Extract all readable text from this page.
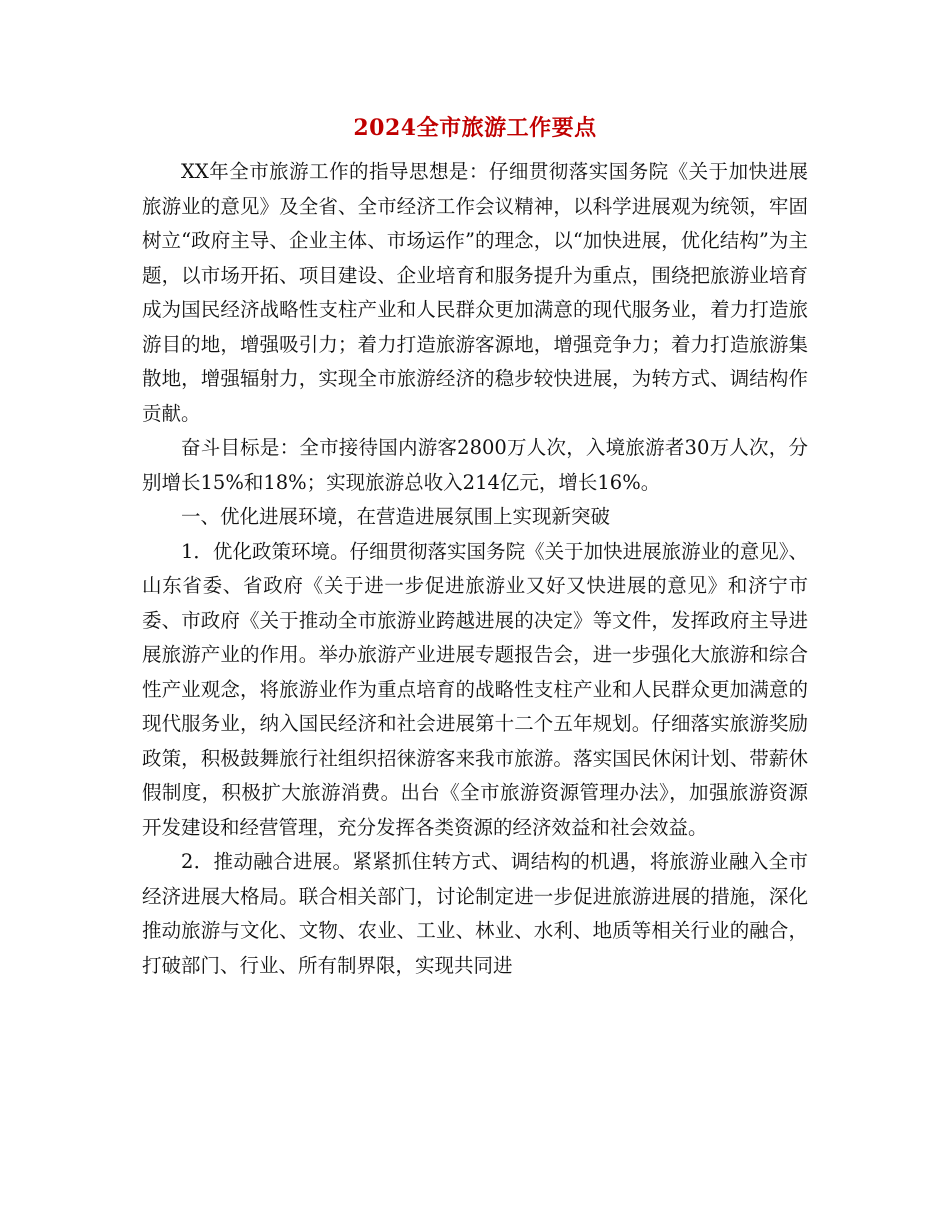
2024全市旅游工作要点

XX年全市旅游工作的指导思想是：仔细贯彻落实国务院《关于加快进展旅游业的意见》及全省、全市经济工作会议精神，以科学进展观为统领，牢固树立“政府主导、企业主体、市场运作”的理念，以“加快进展，优化结构”为主题，以市场开拓、项目建设、企业培育和服务提升为重点，围绕把旅游业培育成为国民经济战略性支柱产业和人民群众更加满意的现代服务业，着力打造旅游目的地，增强吸引力；着力打造旅游客源地，增强竞争力；着力打造旅游集散地，增强辐射力，实现全市旅游经济的稳步较快进展，为转方式、调结构作贡献。

奋斗目标是：全市接待国内游客2800万人次，入境旅游者30万人次，分别增长15%和18%；实现旅游总收入214亿元，增长16%。

一、优化进展环境，在营造进展氛围上实现新突破

1．优化政策环境。仔细贯彻落实国务院《关于加快进展旅游业的意见》、山东省委、省政府《关于进一步促进旅游业又好又快进展的意见》和济宁市委、市政府《关于推动全市旅游业跨越进展的决定》等文件，发挥政府主导进展旅游产业的作用。举办旅游产业进展专题报告会，进一步强化大旅游和综合性产业观念，将旅游业作为重点培育的战略性支柱产业和人民群众更加满意的现代服务业，纳入国民经济和社会进展第十二个五年规划。仔细落实旅游奖励政策，积极鼓舞旅行社组织招徕游客来我市旅游。落实国民休闲计划、带薪休假制度，积极扩大旅游消费。出台《全市旅游资源管理办法》，加强旅游资源开发建设和经营管理，充分发挥各类资源的经济效益和社会效益。

2．推动融合进展。紧紧抓住转方式、调结构的机遇，将旅游业融入全市经济进展大格局。联合相关部门，讨论制定进一步促进旅游进展的措施，深化推动旅游与文化、文物、农业、工业、林业、水利、地质等相关行业的融合，打破部门、行业、所有制界限，实现共同进
